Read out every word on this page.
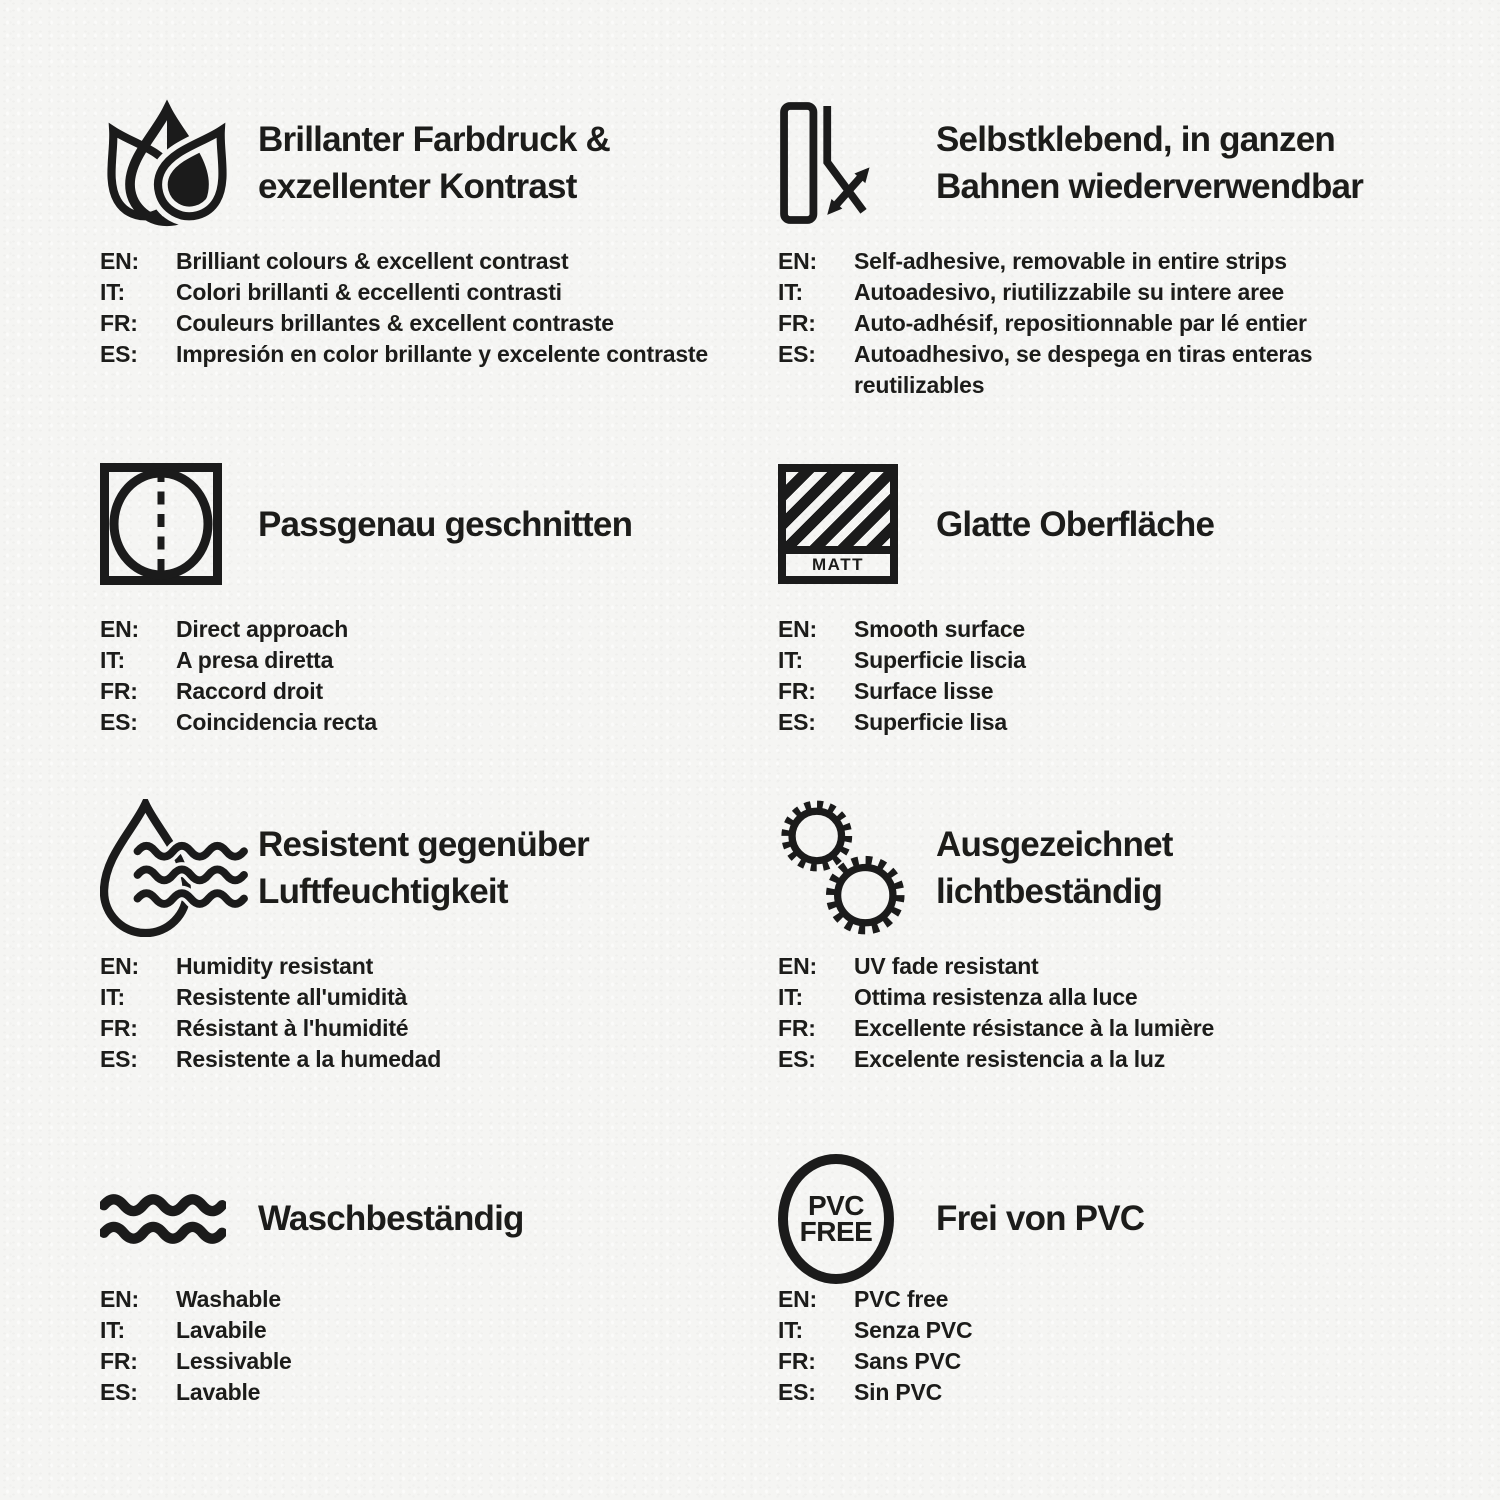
Brillanter Farbdruck &
exzellenter Kontrast
EN:	Brilliant colours & excellent contrast
IT:	Colori brillanti & eccellenti contrasti
FR:	Couleurs brillantes & excellent contraste
ES:	Impresión en color brillante y excelente contraste
Selbstklebend, in ganzen
Bahnen wiederverwendbar
EN:	Self-adhesive, removable in entire strips
IT:	Autoadesivo, riutilizzabile su intere aree
FR:	Auto-adhésif, repositionnable par lé entier
ES:	Autoadhesivo, se despega en tiras enteras reutilizables
Passgenau geschnitten
EN:	Direct approach
IT:	A presa diretta
FR:	Raccord droit
ES:	Coincidencia recta
MATT
Glatte Oberfläche
EN:	Smooth surface
IT:	Superficie liscia
FR:	Surface lisse
ES:	Superficie lisa
Resistent gegenüber
Luftfeuchtigkeit
EN:	Humidity resistant
IT:	Resistente all'umidità
FR:	Résistant à l'humidité
ES:	Resistente a la humedad
Ausgezeichnet
lichtbeständig
EN:	UV fade resistant
IT:	Ottima resistenza alla luce
FR:	Excellente résistance à la lumière
ES:	Excelente resistencia a la luz
Waschbeständig
EN:	Washable
IT:	Lavabile
FR:	Lessivable
ES:	Lavable
PVC
FREE Frei von PVC
EN:	PVC free
IT:	Senza PVC
FR:	Sans PVC
ES:	Sin PVC
